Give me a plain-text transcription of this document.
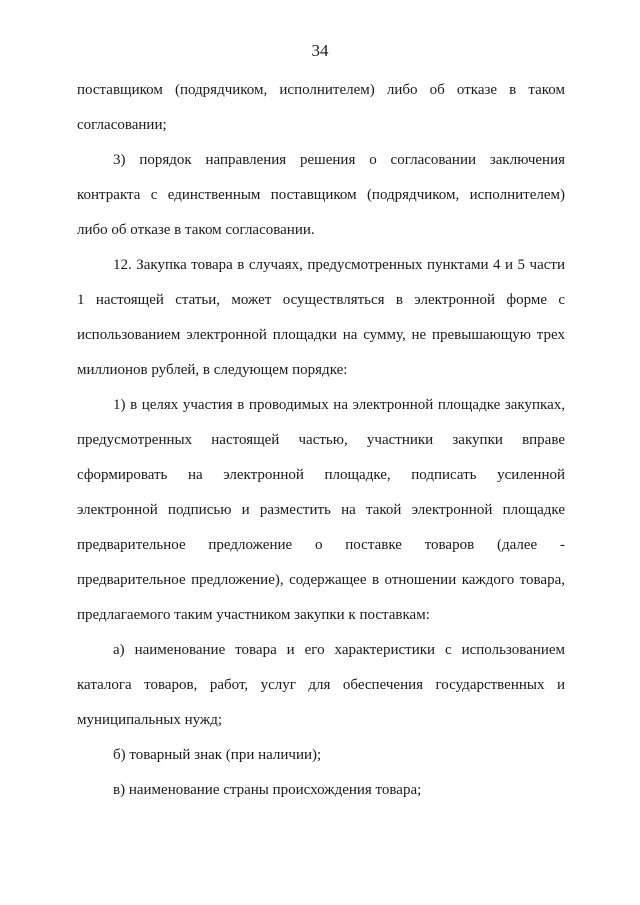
34
поставщиком (подрядчиком, исполнителем) либо об отказе в таком
согласовании;
3) порядок направления решения о согласовании заключения
контракта с единственным поставщиком (подрядчиком, исполнителем)
либо об отказе в таком согласовании.
12. Закупка товара в случаях, предусмотренных пунктами 4 и 5 части
1 настоящей статьи, может осуществляться в электронной форме с
использованием электронной площадки на сумму, не превышающую трех
миллионов рублей, в следующем порядке:
1) в целях участия в проводимых на электронной площадке закупках,
предусмотренных настоящей частью, участники закупки вправе
сформировать на электронной площадке, подписать усиленной
электронной подписью и разместить на такой электронной площадке
предварительное предложение о поставке товаров (далее -
предварительное предложение), содержащее в отношении каждого товара,
предлагаемого таким участником закупки к поставкам:
а) наименование товара и его характеристики с использованием
каталога товаров, работ, услуг для обеспечения государственных и
муниципальных нужд;
б) товарный знак (при наличии);
в) наименование страны происхождения товара;
